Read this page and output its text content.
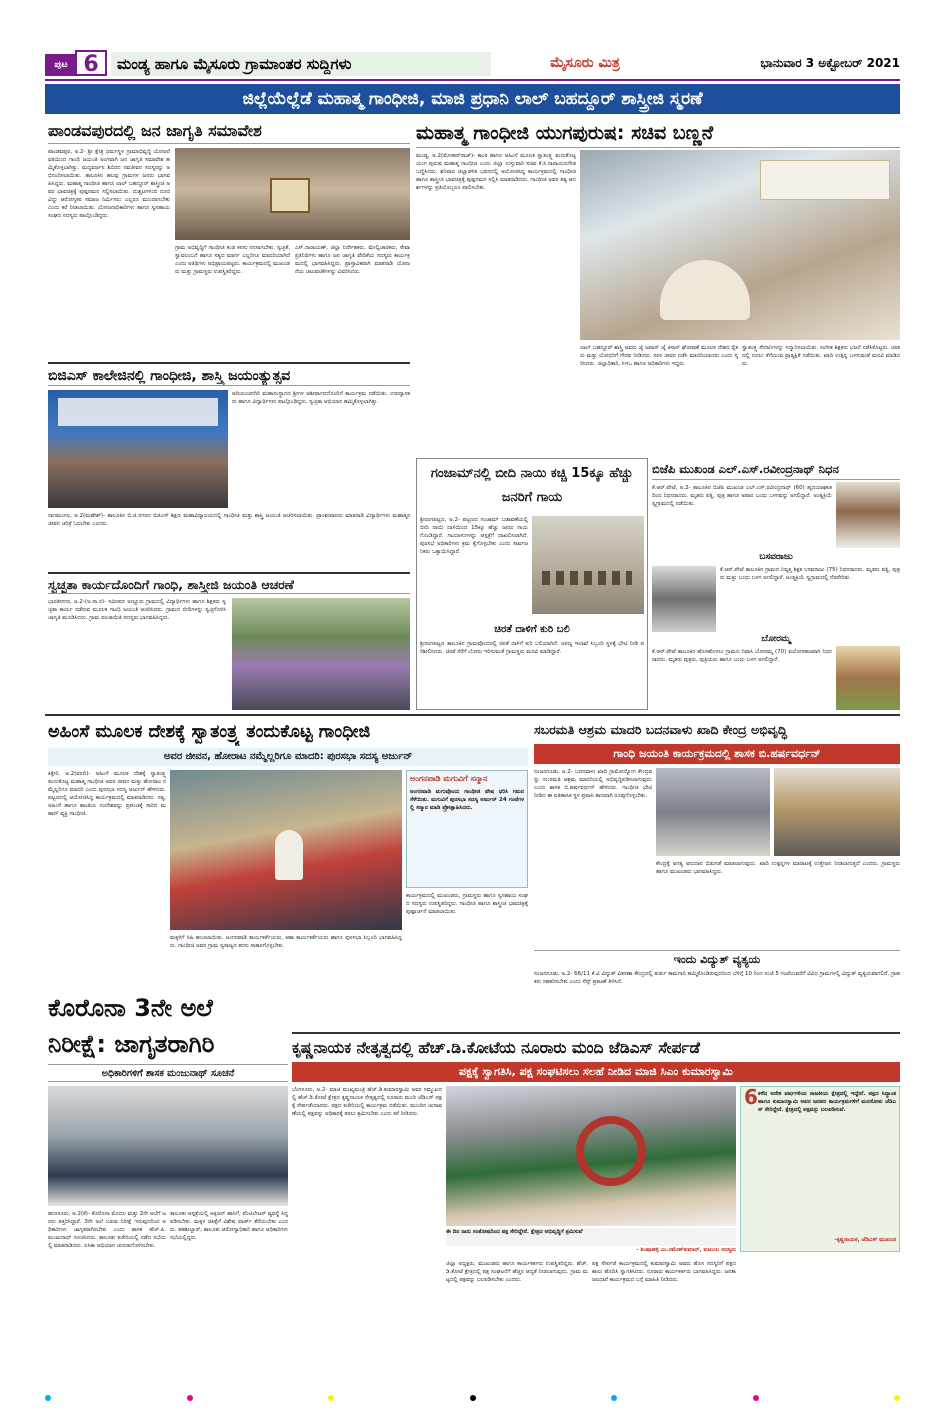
ಪುಟ 6	ಮಂಡ್ಯ ಹಾಗೂ ಮೈಸೂರು ಗ್ರಾಮಾಂತರ ಸುದ್ದಿಗಳು	ಮೈಸೂರು ಮಿತ್ರ	ಭಾನುವಾರ 3 ಅಕ್ಟೋಬರ್ 2021
ಜಿಲ್ಲೆಯೆಲ್ಲೆಡೆ ಮಹಾತ್ಮ ಗಾಂಧೀಜಿ, ಮಾಜಿ ಪ್ರಧಾನಿ ಲಾಲ್ ಬಹದ್ದೂರ್ ಶಾಸ್ತ್ರೀಜಿ ಸ್ಮರಣೆ
ಪಾಂಡವಪುರದಲ್ಲಿ ಜನ ಜಾಗೃತಿ ಸಮಾವೇಶ
ಪಾಂಡವಪುರ, ಅ.2- ಶ್ರೀ ಕ್ಷೇತ್ರ ಧರ್ಮಸ್ಥಳ ಗ್ರಾಮಾಭಿವೃದ್ಧಿ ಯೋಜನೆ ವತಿಯಿಂದ ಗಾಂಧಿ ಜಯಂತಿ ಅಂಗವಾಗಿ ಜನ ಜಾಗೃತಿ ಸಮಾವೇಶ ಹಮ್ಮಿಕೊಳ್ಳಲಾಗಿತ್ತು. ಮದ್ಯವರ್ಜನ ಶಿಬಿರದ ನವಜೀವನ ಸದಸ್ಯರನ್ನು ಅಭಿನಂದಿಸಲಾಯಿತು. ತಾಲೂಕಿನ ಹಲವು ಗ್ರಾಮಗಳ ಜನರು ಭಾಗವಹಿಸಿದ್ದರು. ಮಹಾತ್ಮ ಗಾಂಧೀಜಿ ಹಾಗೂ ಲಾಲ್ ಬಹದ್ದೂರ್ ಶಾಸ್ತ್ರೀಜಿ ಅವರ ಭಾವಚಿತ್ರಕ್ಕೆ ಪುಷ್ಪನಮನ ಸಲ್ಲಿಸಲಾಯಿತು. ದುಶ್ಚಟಗಳಿಂದ ದೂರವಿದ್ದು ಆರೋಗ್ಯಕರ ಸಮಾಜ ನಿರ್ಮಿಸಲು ಎಲ್ಲರೂ ಮುಂದಾಗಬೇಕು ಎಂದು ಕರೆ ನೀಡಲಾಯಿತು. ಯೋಜನಾಧಿಕಾರಿಗಳು ಹಾಗೂ ಸ್ವಸಹಾಯ ಸಂಘದ ಸದಸ್ಯರು ಪಾಲ್ಗೊಂಡಿದ್ದರು.
ಗ್ರಾಮ ಅಭಿವೃದ್ಧಿಗೆ ಗಾಂಧೀಜಿ ಕಂಡ ಕನಸು ನನಸಾಗಬೇಕು. ಸ್ವಚ್ಛತೆ, ಸ್ವಾವಲಂಬನೆ ಹಾಗೂ ಸತ್ಯದ ಮಾರ್ಗ ಎಲ್ಲರಿಗೂ ಮಾದರಿಯಾಗಿದೆ ಎಂದು ಅತಿಥಿಗಳು ಅಭಿಪ್ರಾಯಪಟ್ಟರು. ಕಾರ್ಯಕ್ರಮದಲ್ಲಿ ಮುಖಂಡರು ಮತ್ತು ಗ್ರಾಮಸ್ಥರು ಉಪಸ್ಥಿತರಿದ್ದರು.
ಎಸ್.ನಾರಾಯಣ್, ಜಿಲ್ಲಾ ನಿರ್ದೇಶಕರು, ಮೇಲ್ವಿಚಾರಕರು, ಸೇವಾ ಪ್ರತಿನಿಧಿಗಳು ಹಾಗೂ ಜನ ಜಾಗೃತಿ ವೇದಿಕೆಯ ಸದಸ್ಯರು ಕಾರ್ಯಕ್ರಮದಲ್ಲಿ ಭಾಗವಹಿಸಿದ್ದರು. ಪ್ರಾಸ್ತಾವಿಕವಾಗಿ ಮಾತನಾಡಿ ಯೋಜನೆಯ ಚಟುವಟಿಕೆಗಳನ್ನು ವಿವರಿಸಿದರು.
ಮಹಾತ್ಮ ಗಾಂಧೀಜಿ ಯುಗಪುರುಷ: ಸಚಿವ ಬಣ್ಣನೆ
ಮಂಡ್ಯ, ಅ.2(ಮೋಹನ್‌ರಾಜ್)- ಕಾಂತಿ ಹಾಗೂ ಅಹಿಂಸೆ ಮೂಲಕ ಸ್ವಾತಂತ್ರ್ಯ ತಂದುಕೊಟ್ಟ ಯುಗ ಪುರುಷ ಮಹಾತ್ಮ ಗಾಂಧೀಜಿ ಎಂದು ಜಿಲ್ಲಾ ಉಸ್ತುವಾರಿ ಸಚಿವ ಕೆ.ಸಿ.ನಾರಾಯಣಗೌಡ ಬಣ್ಣಿಸಿದರು. ಶನಿವಾರ ಜಿಲ್ಲಾಡಳಿತ ಭವನದಲ್ಲಿ ಆಯೋಜಿಸಿದ್ದ ಕಾರ್ಯಕ್ರಮದಲ್ಲಿ ಗಾಂಧೀಜಿ ಹಾಗೂ ಶಾಸ್ತ್ರೀಜಿ ಭಾವಚಿತ್ರಕ್ಕೆ ಪುಷ್ಪನಮನ ಸಲ್ಲಿಸಿ ಮಾತನಾಡಿದರು. ಗಾಂಧೀಜಿ ಅವರ ತತ್ವ ಆದರ್ಶಗಳನ್ನು ಪ್ರತಿಯೊಬ್ಬರೂ ಪಾಲಿಸಬೇಕು.
ಲಾಲ್ ಬಹದ್ದೂರ್ ಶಾಸ್ತ್ರಿ ಅವರು ಜೈ ಜವಾನ್ ಜೈ ಕಿಸಾನ್ ಘೋಷಣೆ ಮೂಲಕ ದೇಶದ ರೈತರು ಮತ್ತು ಯೋಧರಿಗೆ ಗೌರವ ನೀಡಿದರು. ಸರಳ ಜೀವನ ನಡೆಸಿ ಮಾದರಿಯಾದರು ಎಂದು ಸ್ಮರಿಸಿದರು. ಜಿಲ್ಲಾಧಿಕಾರಿ, ಸಿಇಒ ಹಾಗೂ ಅಧಿಕಾರಿಗಳು ಇದ್ದರು.
ಸ್ವಾತಂತ್ರ್ಯ ಸೇನಾನಿಗಳನ್ನು ಸನ್ಮಾನಿಸಲಾಯಿತು. ಸಂಗೀತ ಶಿಕ್ಷಕರು ಭಜನೆ ನಡೆಸಿಕೊಟ್ಟರು. ಚರಕದಲ್ಲಿ ನೂಲು ತೆಗೆಯುವ ಪ್ರಾತ್ಯಕ್ಷಿಕೆ ನಡೆಯಿತು. ಖಾದಿ ಉತ್ಪನ್ನ ಬಳಸುವಂತೆ ಮನವಿ ಮಾಡಿದರು.
ಬಿಜಿಎಸ್ ಕಾಲೇಜಿನಲ್ಲಿ ಗಾಂಧೀಜಿ, ಶಾಸ್ತ್ರಿ ಜಯಂತ್ಯುತ್ಸವ
ಆದಿಚುಂಚನಗಿರಿ ಮಹಾಸಂಸ್ಥಾನದ ಶ್ರೀಗಳ ಆಶೀರ್ವಾದದೊಂದಿಗೆ ಕಾರ್ಯಕ್ರಮ ನಡೆಯಿತು. ಉಪನ್ಯಾಸಕರು ಹಾಗೂ ವಿದ್ಯಾರ್ಥಿಗಳು ಪಾಲ್ಗೊಂಡಿದ್ದರು. ಸ್ವಚ್ಛತಾ ಅಭಿಯಾನ ಹಮ್ಮಿಕೊಳ್ಳಲಾಗಿತ್ತು.
ನಾಗಮಂಗಲ, ಅ.2(ಮಹೇಶ್)- ತಾಲೂಕಿನ ಬಿ.ಜಿ.ನಗರದ ಬಿಜಿಎಸ್ ಶಿಕ್ಷಣ ಮಹಾವಿದ್ಯಾಲಯದಲ್ಲಿ ಗಾಂಧೀಜಿ ಮತ್ತು ಶಾಸ್ತ್ರಿ ಜಯಂತಿ ಆಚರಿಸಲಾಯಿತು. ಪ್ರಾಂಶುಪಾಲರು ಮಾತನಾಡಿ ವಿದ್ಯಾರ್ಥಿಗಳು ಮಹಾತ್ಮರ ಜೀವನ ಚರಿತ್ರೆ ಓದಬೇಕು ಎಂದರು.
ಸ್ವಚ್ಛತಾ ಕಾರ್ಯದೊಂದಿಗೆ ಗಾಂಧಿ, ಶಾಸ್ತ್ರೀಜಿ ಜಯಂತಿ ಆಚರಣೆ
ಭಾರತೀನಗರ, ಅ.2-(ಅ.ಸಾ.ರ)- ಸಮೀಪದ ಅಣ್ಣೂರು ಗ್ರಾಮದಲ್ಲಿ ವಿದ್ಯಾರ್ಥಿಗಳು ಹಾಗೂ ಶಿಕ್ಷಕರು ಸ್ವಚ್ಛತಾ ಕಾರ್ಯ ನಡೆಸುವ ಮೂಲಕ ಗಾಂಧಿ ಜಯಂತಿ ಆಚರಿಸಿದರು. ಗ್ರಾಮದ ಬೀದಿಗಳನ್ನು ಸ್ವಚ್ಛಗೊಳಿಸಿ ಜಾಗೃತಿ ಮೂಡಿಸಿದರು. ಗ್ರಾಮ ಪಂಚಾಯಿತಿ ಸದಸ್ಯರು ಭಾಗವಹಿಸಿದ್ದರು.
ಗಂಜಾಮ್‌ನಲ್ಲಿ ಬೀದಿ ನಾಯಿ ಕಚ್ಚಿ 15ಕ್ಕೂ ಹೆಚ್ಚು ಜನರಿಗೆ ಗಾಯ
ಶ್ರೀರಂಗಪಟ್ಟಣ, ಅ.2- ಪಟ್ಟಣದ ಗಂಜಾಮ್ ಬಡಾವಣೆಯಲ್ಲಿ ಬೀದಿ ನಾಯಿ ದಾಳಿಯಿಂದ 15ಕ್ಕೂ ಹೆಚ್ಚು ಜನರು ಗಾಯಗೊಂಡಿದ್ದಾರೆ. ಗಾಯಾಳುಗಳನ್ನು ಆಸ್ಪತ್ರೆಗೆ ದಾಖಲಿಸಲಾಗಿದೆ. ಪುರಸಭೆ ಅಧಿಕಾರಿಗಳು ಕ್ರಮ ಕೈಗೊಳ್ಳಬೇಕು ಎಂದು ಸಾರ್ವಜನಿಕರು ಒತ್ತಾಯಿಸಿದ್ದಾರೆ.
ಚಿರತೆ ದಾಳಿಗೆ ಕುರಿ ಬಲಿ
ಶ್ರೀರಂಗಪಟ್ಟಣ ತಾಲೂಕಿನ ಗ್ರಾಮವೊಂದರಲ್ಲಿ ಚಿರತೆ ದಾಳಿಗೆ ಕುರಿ ಬಲಿಯಾಗಿದೆ. ಅರಣ್ಯ ಇಲಾಖೆ ಸಿಬ್ಬಂದಿ ಸ್ಥಳಕ್ಕೆ ಭೇಟಿ ನೀಡಿ ಪರಿಶೀಲಿಸಿದರು. ಚಿರತೆ ಸೆರೆಗೆ ಬೋನು ಇರಿಸುವಂತೆ ಗ್ರಾಮಸ್ಥರು ಮನವಿ ಮಾಡಿದ್ದಾರೆ.
ಬಿಜೆಪಿ ಮುಖಂಡ ಎಲ್.ಎಸ್.ರವೀಂದ್ರನಾಥ್ ನಿಧನ
ಕೆ.ಆರ್.ಪೇಟೆ, ಅ.2- ತಾಲೂಕಿನ ಬಿಜೆಪಿ ಮುಖಂಡ ಎಲ್.ಎಸ್.ರವೀಂದ್ರನಾಥ್ (60) ಹೃದಯಾಘಾತದಿಂದ ನಿಧನರಾದರು. ಮೃತರು ಪತ್ನಿ, ಪುತ್ರ ಹಾಗೂ ಅಪಾರ ಬಂಧು ಬಳಗವನ್ನು ಅಗಲಿದ್ದಾರೆ. ಅಂತ್ಯಕ್ರಿಯೆ ಸ್ವಗ್ರಾಮದಲ್ಲಿ ನಡೆಯಿತು.
ಬಸವರಾಜು
ಕೆ.ಆರ್.ಪೇಟೆ ತಾಲೂಕಿನ ಗ್ರಾಮದ ನಿವೃತ್ತ ಶಿಕ್ಷಕ ಬಸವರಾಜು (75) ನಿಧನರಾದರು. ಮೃತರು ಪತ್ನಿ, ಪುತ್ರರು ಮತ್ತು ಬಂಧು ಬಳಗ ಅಗಲಿದ್ದಾರೆ. ಅಂತ್ಯಕ್ರಿಯೆ ಸ್ವಗ್ರಾಮದಲ್ಲಿ ನೆರವೇರಿತು.
ಬೋರಮ್ಮ
ಕೆ.ಆರ್.ಪೇಟೆ ತಾಲೂಕಿನ ಹೊಸಹೊಳಲು ಗ್ರಾಮದ ನಿವಾಸಿ ಬೋರಮ್ಮ (70) ವಯೋಸಹಜವಾಗಿ ನಿಧನರಾದರು. ಮೃತರು ಪುತ್ರರು, ಪುತ್ರಿಯರು ಹಾಗೂ ಬಂಧು ಬಳಗ ಅಗಲಿದ್ದಾರೆ.
ಅಹಿಂಸೆ ಮೂಲಕ ದೇಶಕ್ಕೆ ಸ್ವಾತಂತ್ರ್ಯ ತಂದುಕೊಟ್ಟ ಗಾಂಧೀಜಿ
ಅವರ ಜೀವನ, ಹೋರಾಟ ನಮ್ಮೆಲ್ಲರಿಗೂ ಮಾದರಿ: ಪುರಸಭಾ ಸದಸ್ಯ ಅರ್ಜುನ್
ಕಿಕ್ಕೇರಿ, ಅ.2(ವರದಿ)- ಅಹಿಂಸೆ ಮೂಲಕ ದೇಶಕ್ಕೆ ಸ್ವಾತಂತ್ರ್ಯ ತಂದುಕೊಟ್ಟ ಮಹಾತ್ಮ ಗಾಂಧೀಜಿ ಅವರ ಜೀವನ ಮತ್ತು ಹೋರಾಟ ನಮ್ಮೆಲ್ಲರಿಗೂ ಮಾದರಿ ಎಂದು ಪುರಸಭಾ ಸದಸ್ಯ ಅರ್ಜುನ್ ಹೇಳಿದರು. ಪಟ್ಟಣದಲ್ಲಿ ಆಯೋಜಿಸಿದ್ದ ಕಾರ್ಯಕ್ರಮದಲ್ಲಿ ಮಾತನಾಡಿದರು. ಸತ್ಯ, ಅಹಿಂಸೆ ಹಾಗೂ ಶಾಂತಿಯ ಸಂದೇಶವನ್ನು ಪ್ರಪಂಚಕ್ಕೆ ಸಾರಿದ ಮಹಾನ್ ವ್ಯಕ್ತಿ ಗಾಂಧೀಜಿ.
ಅಂಗನವಾಡಿ ಮಗುವಿಗೆ ಸನ್ಮಾನ
ಅಂಗನವಾಡಿ ಮಗುವೊಂದು ಗಾಂಧೀಜಿ ವೇಷ ಧರಿಸಿ ಗಮನ ಸೆಳೆಯಿತು. ಮಗುವಿಗೆ ಪುರಸಭಾ ಸದಸ್ಯ ಅರ್ಜುನ್ 24 ಗಂಟೆಗಳಲ್ಲಿ ಸನ್ಮಾನ ಮಾಡಿ ಪ್ರೋತ್ಸಾಹಿಸಿದರು.
ಮಕ್ಕಳಿಗೆ ಸಿಹಿ ಹಂಚಲಾಯಿತು. ಅಂಗನವಾಡಿ ಕಾರ್ಯಕರ್ತೆಯರು, ಆಶಾ ಕಾರ್ಯಕರ್ತೆಯರು ಹಾಗೂ ಪುರಸಭಾ ಸಿಬ್ಬಂದಿ ಭಾಗವಹಿಸಿದ್ದರು. ಗಾಂಧೀಜಿ ಅವರ ಗ್ರಾಮ ಸ್ವರಾಜ್ಯದ ಕನಸು ಸಾಕಾರಗೊಳ್ಳಬೇಕು.
ಕಾರ್ಯಕ್ರಮದಲ್ಲಿ ಮುಖಂಡರು, ಗ್ರಾಮಸ್ಥರು ಹಾಗೂ ಸ್ವಸಹಾಯ ಸಂಘದ ಸದಸ್ಯರು ಉಪಸ್ಥಿತರಿದ್ದರು. ಗಾಂಧೀಜಿ ಹಾಗೂ ಶಾಸ್ತ್ರೀಜಿ ಭಾವಚಿತ್ರಕ್ಕೆ ಪುಷ್ಪಾರ್ಚನೆ ಮಾಡಲಾಯಿತು.
ಸಬರಮತಿ ಆಶ್ರಮ ಮಾದರಿ ಬದನವಾಳು ಖಾದಿ ಕೇಂದ್ರ ಅಭಿವೃದ್ಧಿ
ಗಾಂಧಿ ಜಯಂತಿ ಕಾರ್ಯಕ್ರಮದಲ್ಲಿ ಶಾಸಕ ಬಿ.ಹರ್ಷವರ್ಧನ್
ನಂಜನಗೂಡು, ಅ.2- ಬದನವಾಳು ಖಾದಿ ಗ್ರಾಮೋದ್ಯೋಗ ಕೇಂದ್ರವನ್ನು ಸಬರಮತಿ ಆಶ್ರಮ ಮಾದರಿಯಲ್ಲಿ ಅಭಿವೃದ್ಧಿಪಡಿಸಲಾಗುವುದು ಎಂದು ಶಾಸಕ ಬಿ.ಹರ್ಷವರ್ಧನ್ ಹೇಳಿದರು. ಗಾಂಧೀಜಿ ಭೇಟಿ ನೀಡಿದ ಈ ಐತಿಹಾಸಿಕ ಸ್ಥಳ ಪ್ರವಾಸಿ ತಾಣವಾಗಿ ರೂಪುಗೊಳ್ಳಬೇಕು.
ಕೇಂದ್ರಕ್ಕೆ ಅಗತ್ಯ ಅನುದಾನ ಬಿಡುಗಡೆ ಮಾಡಲಾಗುವುದು. ಖಾದಿ ಉತ್ಪನ್ನಗಳ ಮಾರಾಟಕ್ಕೆ ಉತ್ತೇಜನ ನೀಡಲಾಗುತ್ತದೆ ಎಂದರು. ಗ್ರಾಮಸ್ಥರು ಹಾಗೂ ಮುಖಂಡರು ಭಾಗವಹಿಸಿದ್ದರು.
ಇಂದು ವಿದ್ಯುತ್ ವ್ಯತ್ಯಯ
ನಂಜನಗೂಡು, ಅ.2- 66/11 ಕೆ.ವಿ ವಿದ್ಯುತ್ ವಿತರಣಾ ಕೇಂದ್ರದಲ್ಲಿ ತುರ್ತು ಕಾಮಗಾರಿ ಹಮ್ಮಿಕೊಂಡಿರುವುದರಿಂದ ಬೆಳಿಗ್ಗೆ 10 ರಿಂದ ಸಂಜೆ 5 ಗಂಟೆಯವರೆಗೆ ವಿವಿಧ ಗ್ರಾಮಗಳಲ್ಲಿ ವಿದ್ಯುತ್ ವ್ಯತ್ಯಯವಾಗಲಿದೆ. ಗ್ರಾಹಕರು ಸಹಕರಿಸಬೇಕು ಎಂದು ಸೆಸ್ಕ್ ಪ್ರಕಟಣೆ ತಿಳಿಸಿದೆ.
ಕೊರೊನಾ 3ನೇ ಅಲೆ
ನಿರೀಕ್ಷೆ: ಜಾಗೃತರಾಗಿರಿ
ಅಧಿಕಾರಿಗಳಿಗೆ ಶಾಸಕ ಮಂಜುನಾಥ್ ಸೂಚನೆ
ಹುಣಸೂರು, ಅ.2(ಕೆ)- ಕೊರೊನಾ ಮೊದಲ ಮತ್ತು 2ನೇ ಅಲೆಗೆ ಜನರು ತತ್ತರಿಸಿದ್ದಾರೆ. 3ನೇ ಅಲೆ ಬರುವ ನಿರೀಕ್ಷೆ ಇರುವುದರಿಂದ ಅಧಿಕಾರಿಗಳು ಜಾಗೃತರಾಗಿರಬೇಕು ಎಂದು ಶಾಸಕ ಹೆಚ್.ಪಿ.ಮಂಜುನಾಥ್ ಸೂಚಿಸಿದರು. ತಾಲೂಕು ಕಚೇರಿಯಲ್ಲಿ ನಡೆದ ಸಭೆಯಲ್ಲಿ ಮಾತನಾಡಿದರು. ಲಸಿಕಾ ಅಭಿಯಾನ ಚುರುಕುಗೊಳಿಸಬೇಕು.
ತಾಲೂಕು ಆಸ್ಪತ್ರೆಯಲ್ಲಿ ಆಕ್ಸಿಜನ್ ಹಾಸಿಗೆ, ವೆಂಟಿಲೇಟರ್ ವ್ಯವಸ್ಥೆ ಸಿದ್ಧಪಡಿಸಬೇಕು. ಮಕ್ಕಳ ಚಿಕಿತ್ಸೆಗೆ ವಿಶೇಷ ವಾರ್ಡ್ ತೆರೆಯಬೇಕು ಎಂದರು. ತಹಶೀಲ್ದಾರ್, ತಾಲೂಕು ಆರೋಗ್ಯಾಧಿಕಾರಿ ಹಾಗೂ ಅಧಿಕಾರಿಗಳು ಸಭೆಯಲ್ಲಿದ್ದರು.
ಕೃಷ್ಣನಾಯಕ ನೇತೃತ್ವದಲ್ಲಿ ಹೆಚ್.ಡಿ.ಕೋಟೆಯ ನೂರಾರು ಮಂದಿ ಜೆಡಿಎಸ್ ಸೇರ್ಪಡೆ
ಪಕ್ಷಕ್ಕೆ ಸ್ವಾಗತಿಸಿ, ಪಕ್ಷ ಸಂಘಟಿಸಲು ಸಲಹೆ ನೀಡಿದ ಮಾಜಿ ಸಿಎಂ ಕುಮಾರಸ್ವಾಮಿ
ಬೆಂಗಳೂರು, ಅ.2- ಮಾಜಿ ಮುಖ್ಯಮಂತ್ರಿ ಹೆಚ್.ಡಿ.ಕುಮಾರಸ್ವಾಮಿ ಅವರ ಸಮ್ಮುಖದಲ್ಲಿ ಹೆಚ್.ಡಿ.ಕೋಟೆ ಕ್ಷೇತ್ರದ ಕೃಷ್ಣನಾಯಕ ನೇತೃತ್ವದಲ್ಲಿ ನೂರಾರು ಮಂದಿ ಜೆಡಿಎಸ್ ಪಕ್ಷಕ್ಕೆ ಸೇರ್ಪಡೆಯಾದರು. ಪಕ್ಷದ ಕಚೇರಿಯಲ್ಲಿ ಕಾರ್ಯಕ್ರಮ ನಡೆಯಿತು. ಮುಂದಿನ ಚುನಾವಣೆಯಲ್ಲಿ ಪಕ್ಷವನ್ನು ಅಧಿಕಾರಕ್ಕೆ ತರಲು ಶ್ರಮಿಸಬೇಕು ಎಂದು ಕರೆ ನೀಡಿದರು.
ಈ ದಿನ ನಾನು ಸಂತೋಷದಿಂದ ಪಕ್ಷ ಸೇರಿದ್ದೇನೆ. ಕ್ಷೇತ್ರದ ಅಭಿವೃದ್ಧಿಗೆ ಶ್ರಮಿಸುವೆ
- ಶಿಂಷಾಹಳ್ಳಿ ಎಂ.ರಮೇಶ್‌ಕುಮಾರ್, ಕುಟುಂಬ ಸದಸ್ಯರು
ಜಿಲ್ಲಾ ಅಧ್ಯಕ್ಷರು, ಮುಖಂಡರು ಹಾಗೂ ಕಾರ್ಯಕರ್ತರು ಉಪಸ್ಥಿತರಿದ್ದರು. ಹೆಚ್.ಡಿ.ಕೋಟೆ ಕ್ಷೇತ್ರದಲ್ಲಿ ಪಕ್ಷ ಸಂಘಟನೆಗೆ ಹೆಚ್ಚಿನ ಆದ್ಯತೆ ನೀಡಲಾಗುವುದು. ಗ್ರಾಮ ಮಟ್ಟದಲ್ಲಿ ಪಕ್ಷವನ್ನು ಬಲಪಡಿಸಬೇಕು ಎಂದರು.
ಪಕ್ಷ ಸೇರ್ಪಡೆ ಕಾರ್ಯಕ್ರಮದಲ್ಲಿ ಕುಮಾರಸ್ವಾಮಿ ಅವರು ಹೊಸ ಸದಸ್ಯರಿಗೆ ಪಕ್ಷದ ಶಾಲು ಹೊದಿಸಿ ಸ್ವಾಗತಿಸಿದರು. ನೂರಾರು ಕಾರ್ಯಕರ್ತರು ಭಾಗವಹಿಸಿದ್ದರು. ಜನತಾ ಜಲಧಾರೆ ಕಾರ್ಯಕ್ರಮದ ಬಗ್ಗೆ ಮಾಹಿತಿ ನೀಡಿದರು.
6 ಕಳೆದ ಅನೇಕ ವರ್ಷಗಳಿಂದ ರಾಜಕೀಯ ಕ್ಷೇತ್ರದಲ್ಲಿ ಇದ್ದೇನೆ. ಪಕ್ಷದ ಸಿದ್ಧಾಂತ ಹಾಗೂ ಕುಮಾರಸ್ವಾಮಿ ಅವರ ಜನಪರ ಕಾರ್ಯಕ್ರಮಗಳಿಗೆ ಮನಸೋತು ಜೆಡಿಎಸ್ ಸೇರಿದ್ದೇನೆ. ಕ್ಷೇತ್ರದಲ್ಲಿ ಪಕ್ಷವನ್ನು ಬಲಪಡಿಸುವೆ.
-ಕೃಷ್ಣನಾಯಕ, ಜೆಡಿಎಸ್ ಮುಖಂಡ
